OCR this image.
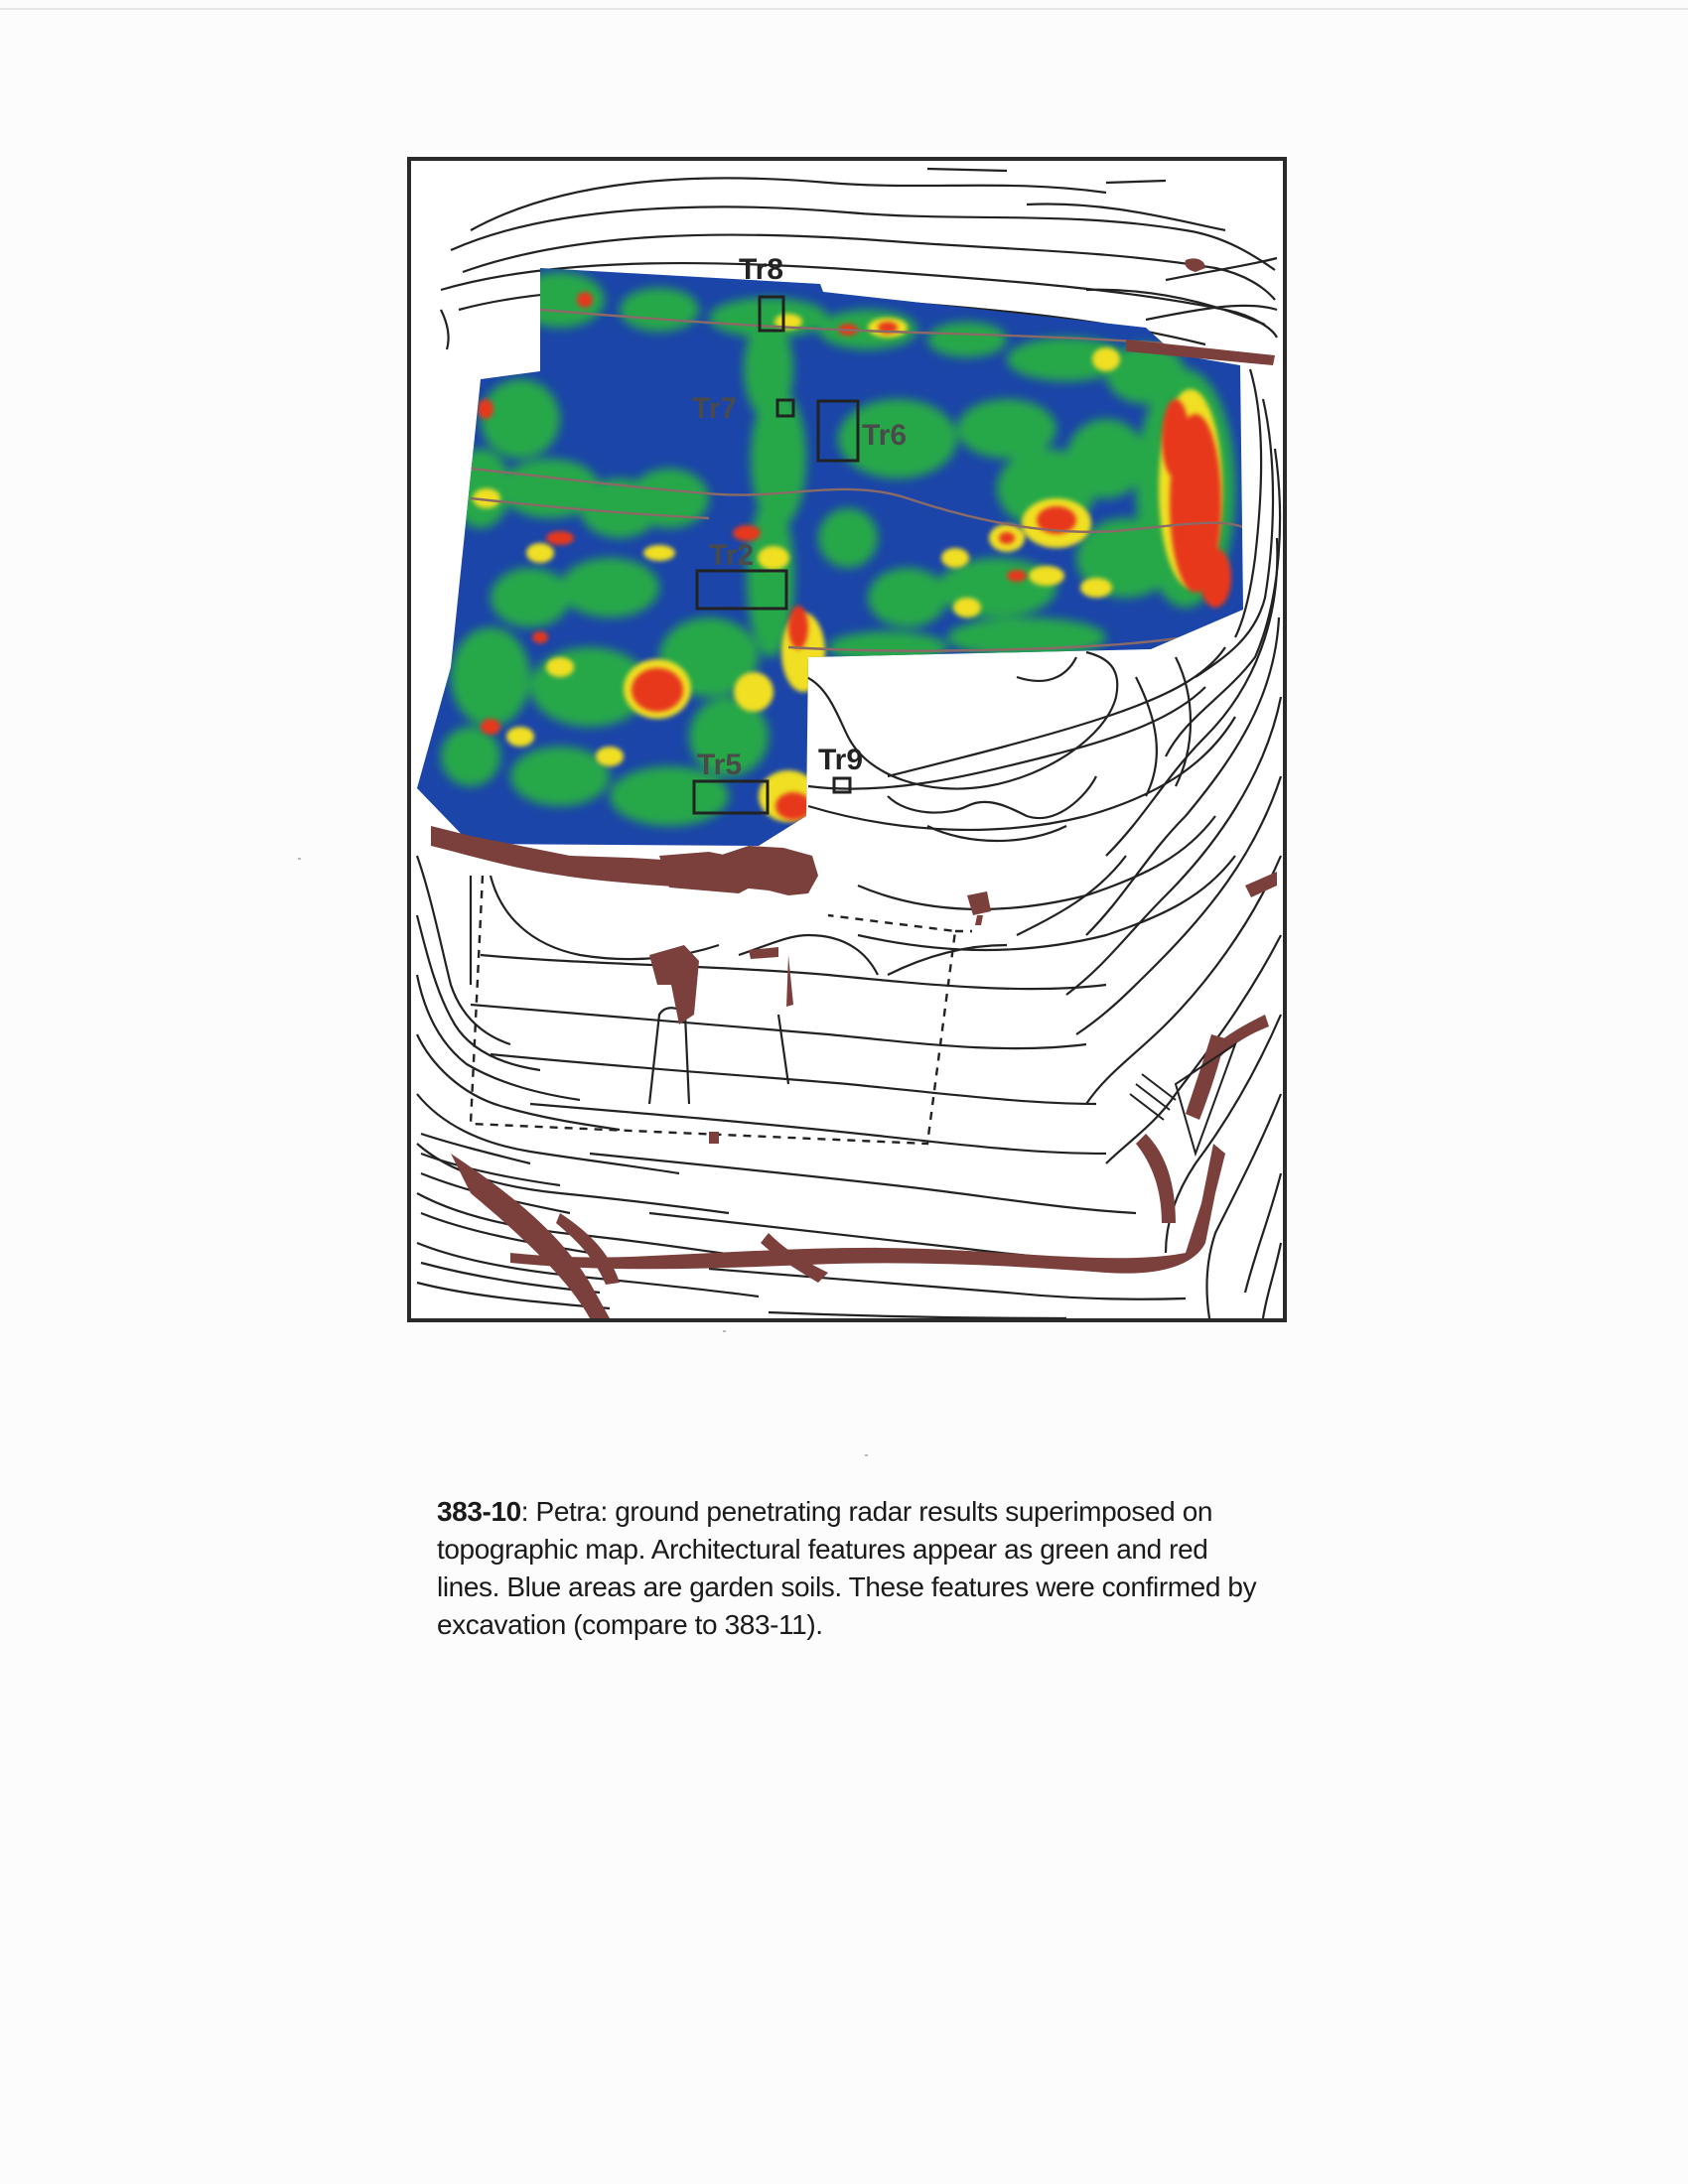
Tr8
Tr7
Tr6
Tr2
Tr5	Tr9
383-10: Petra: ground penetrating radar results superimposed on topographic map. Architectural features appear as green and red lines. Blue areas are garden soils. These features were confirmed by excavation (compare to 383-11).
